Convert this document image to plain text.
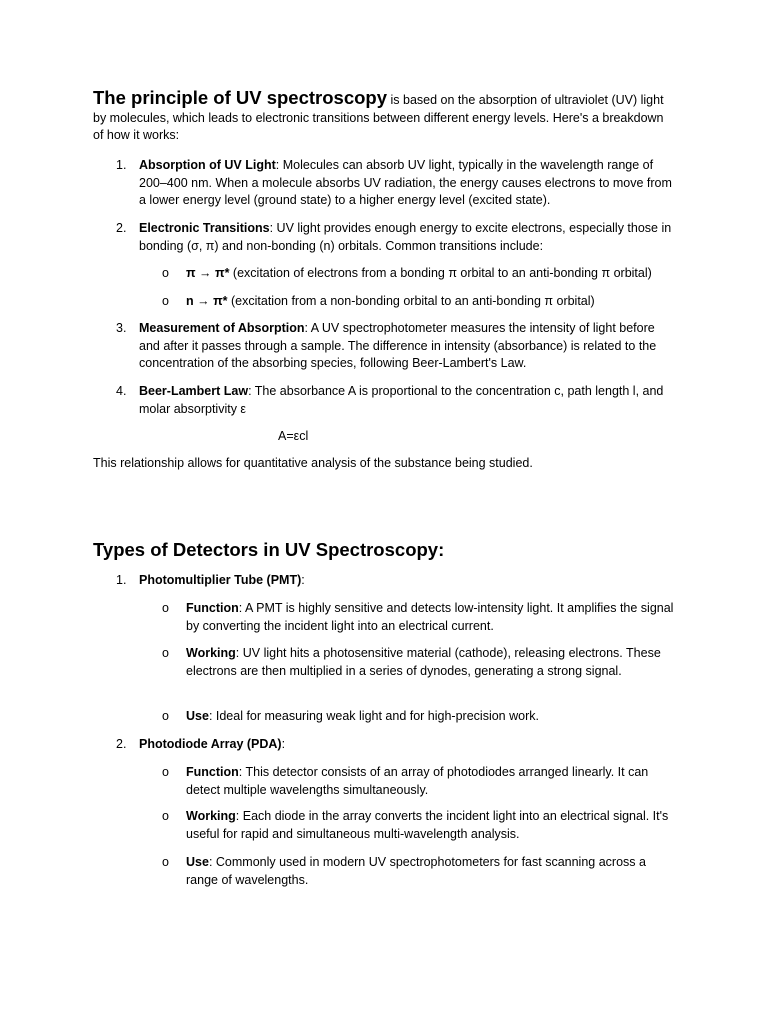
The principle of UV spectroscopy is based on the absorption of ultraviolet (UV) light by molecules, which leads to electronic transitions between different energy levels. Here's a breakdown of how it works:

1. Absorption of UV Light: Molecules can absorb UV light, typically in the wavelength range of 200–400 nm. When a molecule absorbs UV radiation, the energy causes electrons to move from a lower energy level (ground state) to a higher energy level (excited state).
2. Electronic Transitions: UV light provides enough energy to excite electrons, especially those in bonding (σ, π) and non-bonding (n) orbitals. Common transitions include:
o π → π* (excitation of electrons from a bonding π orbital to an anti-bonding π orbital)
o n → π* (excitation from a non-bonding orbital to an anti-bonding π orbital)
3. Measurement of Absorption: A UV spectrophotometer measures the intensity of light before and after it passes through a sample. The difference in intensity (absorbance) is related to the concentration of the absorbing species, following Beer-Lambert's Law.
4. Beer-Lambert Law: The absorbance A is proportional to the concentration c, path length l, and molar absorptivity ε
A=εcl

This relationship allows for quantitative analysis of the substance being studied.

Types of Detectors in UV Spectroscopy:
1. Photomultiplier Tube (PMT):
o Function: A PMT is highly sensitive and detects low-intensity light. It amplifies the signal by converting the incident light into an electrical current.
o Working: UV light hits a photosensitive material (cathode), releasing electrons. These electrons are then multiplied in a series of dynodes, generating a strong signal.
o Use: Ideal for measuring weak light and for high-precision work.
2. Photodiode Array (PDA):
o Function: This detector consists of an array of photodiodes arranged linearly. It can detect multiple wavelengths simultaneously.
o Working: Each diode in the array converts the incident light into an electrical signal. It's useful for rapid and simultaneous multi-wavelength analysis.
o Use: Commonly used in modern UV spectrophotometers for fast scanning across a range of wavelengths.
